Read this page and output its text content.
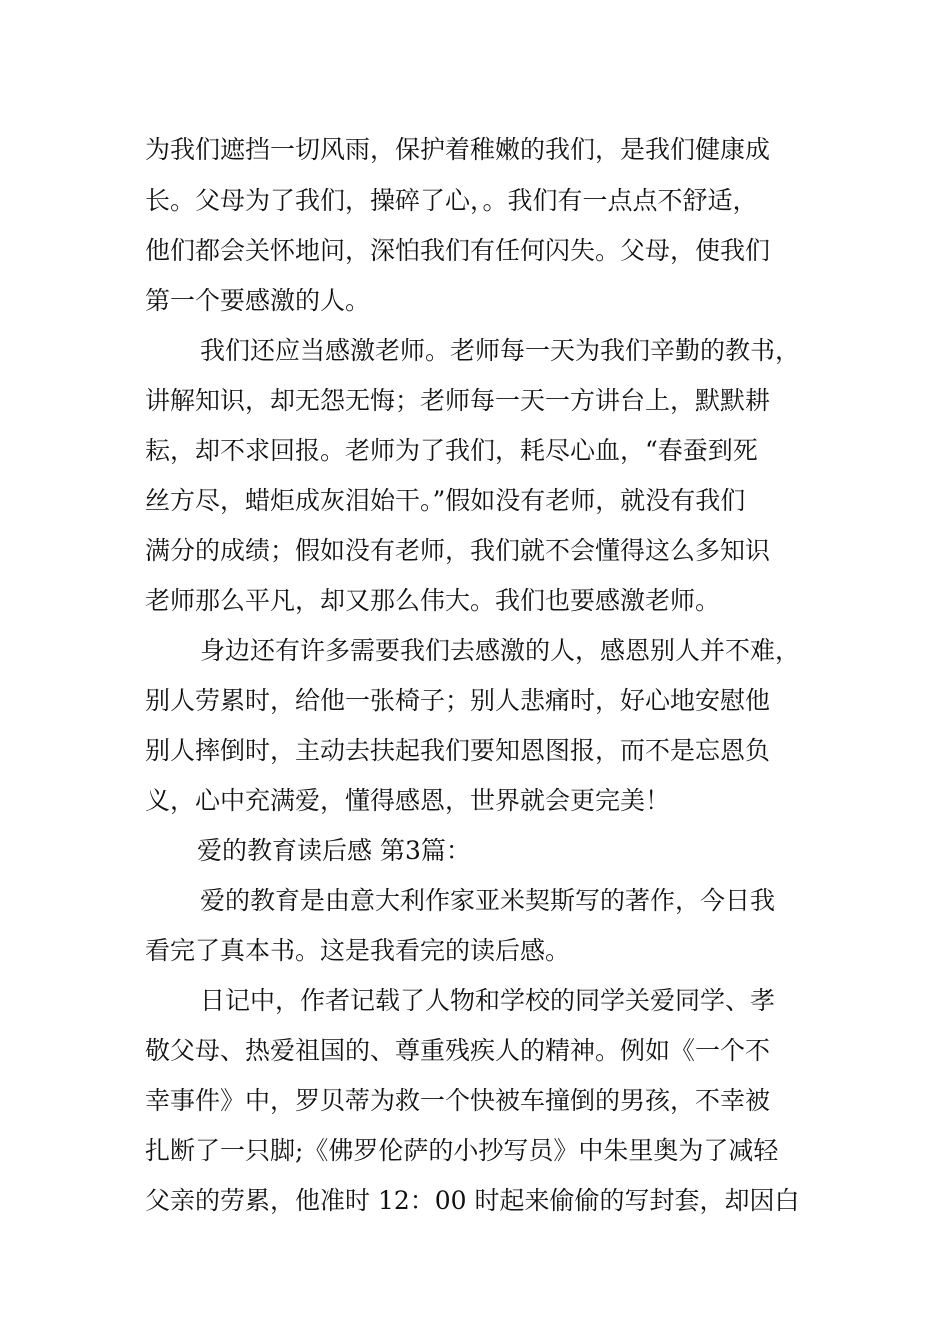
为我们遮挡一切风雨，保护着稚嫩的我们，是我们健康成
长。父母为了我们，操碎了心，。我们有一点点不舒适，
他们都会关怀地问，深怕我们有任何闪失。父母，使我们
第一个要感激的人。
我们还应当感激老师。老师每一天为我们辛勤的教书，
讲解知识，却无怨无悔；老师每一天一方讲台上，默默耕
耘，却不求回报。老师为了我们，耗尽心血，“春蚕到死
丝方尽，蜡炬成灰泪始干。”假如没有老师，就没有我们
满分的成绩；假如没有老师，我们就不会懂得这么多知识
老师那么平凡，却又那么伟大。我们也要感激老师。
身边还有许多需要我们去感激的人，感恩别人并不难，
别人劳累时，给他一张椅子；别人悲痛时，好心地安慰他
别人摔倒时，主动去扶起我们要知恩图报，而不是忘恩负
义，心中充满爱，懂得感恩，世界就会更完美！
爱的教育读后感 第3篇：
爱的教育是由意大利作家亚米契斯写的著作，今日我
看完了真本书。这是我看完的读后感。
日记中，作者记载了人物和学校的同学关爱同学、孝
敬父母、热爱祖国的、尊重残疾人的精神。例如《一个不
幸事件》中，罗贝蒂为救一个快被车撞倒的男孩，不幸被
扎断了一只脚;《佛罗伦萨的小抄写员》中朱里奥为了减轻
父亲的劳累，他准时 12：00 时起来偷偷的写封套，却因白
